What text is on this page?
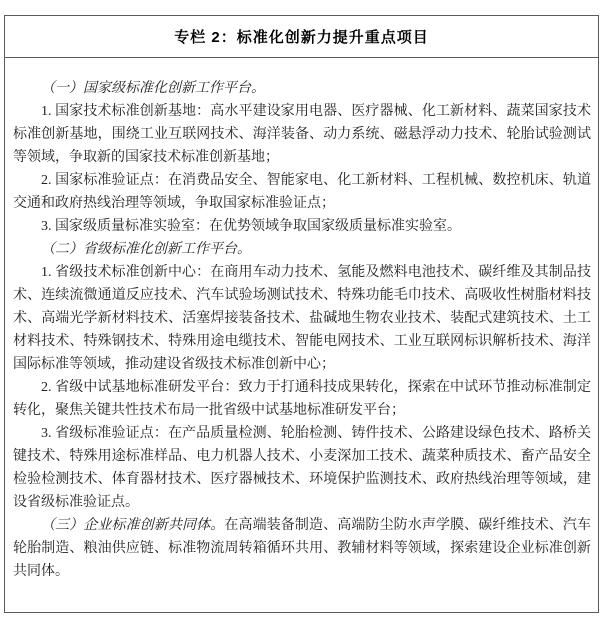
专栏 2：标准化创新力提升重点项目

（一）国家级标准化创新工作平台。

1. 国家技术标准创新基地：高水平建设家用电器、医疗器械、化工新材料、蔬菜国家技术标准创新基地，围绕工业互联网技术、海洋装备、动力系统、磁悬浮动力技术、轮胎试验测试等领域，争取新的国家技术标准创新基地；

2. 国家标准验证点：在消费品安全、智能家电、化工新材料、工程机械、数控机床、轨道交通和政府热线治理等领域，争取国家标准验证点；

3. 国家级质量标准实验室：在优势领域争取国家级质量标准实验室。

（二）省级标准化创新工作平台。

1. 省级技术标准创新中心：在商用车动力技术、氢能及燃料电池技术、碳纤维及其制品技术、连续流微通道反应技术、汽车试验场测试技术、特殊功能毛巾技术、高吸收性树脂材料技术、高端光学新材料技术、活塞焊接装备技术、盐碱地生物农业技术、装配式建筑技术、土工材料技术、特殊钢技术、特殊用途电缆技术、智能电网技术、工业互联网标识解析技术、海洋国际标准等领域，推动建设省级技术标准创新中心；

2. 省级中试基地标准研发平台：致力于打通科技成果转化，探索在中试环节推动标准制定转化，聚焦关键共性技术布局一批省级中试基地标准研发平台；

3. 省级标准验证点：在产品质量检测、轮胎检测、铸件技术、公路建设绿色技术、路桥关键技术、特殊用途标准样品、电力机器人技术、小麦深加工技术、蔬菜种质技术、畜产品安全检验检测技术、体育器材技术、医疗器械技术、环境保护监测技术、政府热线治理等领域，建设省级标准验证点。

（三）企业标准创新共同体。在高端装备制造、高端防尘防水声学膜、碳纤维技术、汽车轮胎制造、粮油供应链、标准物流周转箱循环共用、教辅材料等领域，探索建设企业标准创新共同体。
